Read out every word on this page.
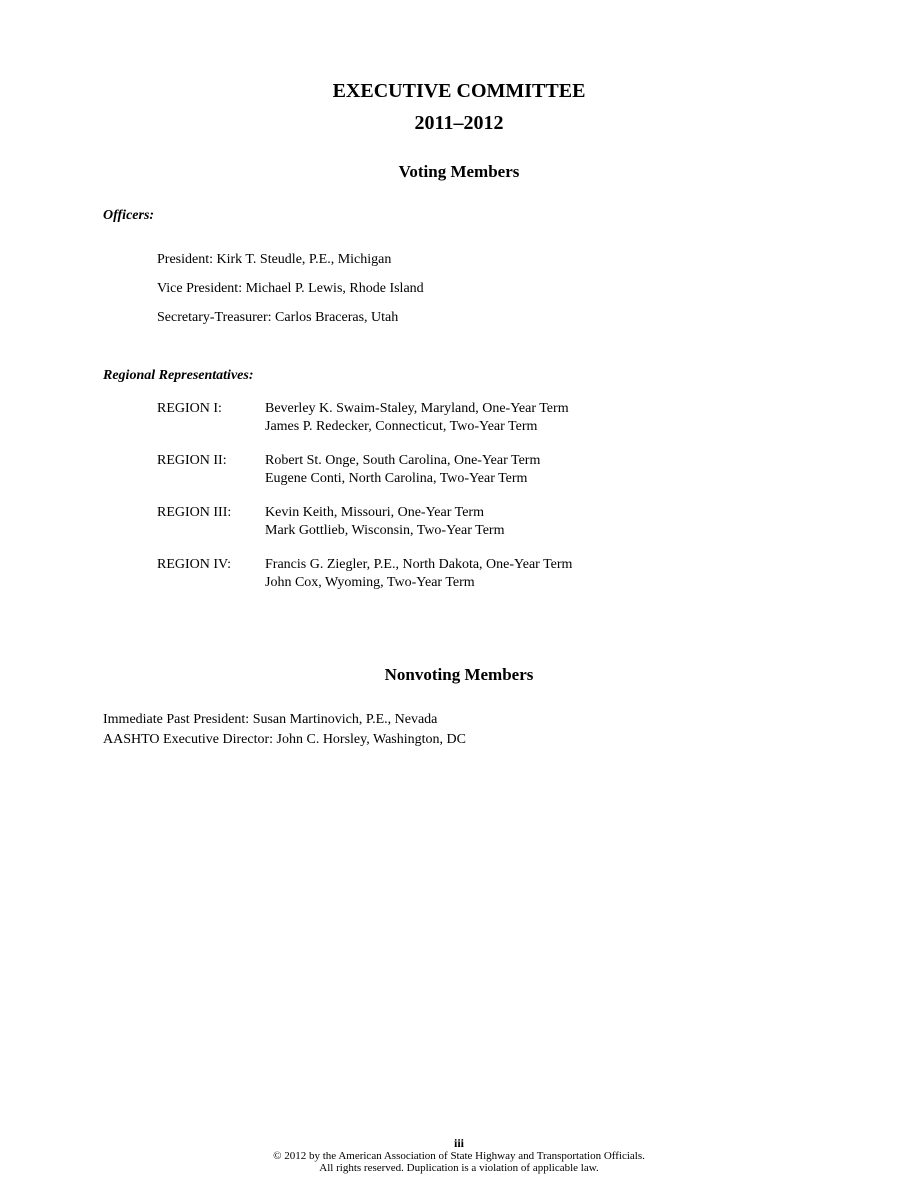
EXECUTIVE COMMITTEE
2011–2012
Voting Members
Officers:
President: Kirk T. Steudle, P.E., Michigan
Vice President: Michael P. Lewis, Rhode Island
Secretary-Treasurer: Carlos Braceras, Utah
Regional Representatives:
REGION I:	Beverley K. Swaim-Staley, Maryland, One-Year Term
James P. Redecker, Connecticut, Two-Year Term
REGION II:	Robert St. Onge, South Carolina, One-Year Term
Eugene Conti, North Carolina, Two-Year Term
REGION III: Kevin Keith, Missouri, One-Year Term
Mark Gottlieb, Wisconsin, Two-Year Term
REGION IV: Francis G. Ziegler, P.E., North Dakota, One-Year Term
John Cox, Wyoming, Two-Year Term
Nonvoting Members
Immediate Past President: Susan Martinovich, P.E., Nevada
AASHTO Executive Director: John C. Horsley, Washington, DC
iii
© 2012 by the American Association of State Highway and Transportation Officials.
All rights reserved. Duplication is a violation of applicable law.
